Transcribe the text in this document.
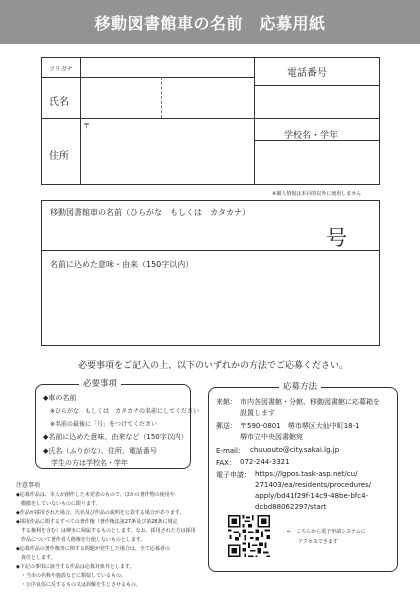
移動図書館車の名前　応募用紙
フリガナ
氏名
電話番号
〒
住所
学校名・学年
※個人情報は本目的以外に使用しません
移動図書館車の名前（ひらがな　もしくは　カタカナ）
号
名前に込めた意味・由来（150字以内）
必要事項をご記入の上、以下のいずれかの方法でご応募ください。
必要事項
◆車の名前
※ひらがな　もしくは　カタカナの名前にしてください
※名前の最後に「号」をつけてください
◆名前に込めた意味、由来など（150字以内）
◆氏名（ふりがな）、住所、電話番号
学生の方は学校名・学年
注意事項
◆応募作品は、本人が創作した未発表のもので、ほかの著作物の使用や
　模倣をしていないものに限ります。
◆作品が採用された場合、氏名及び作品の説明を公表する場合があります。
◆採用作品に関するすべての著作権（著作権法第27条及び第28条に規定
　する権利を含む）は堺市に帰属するものとします。なお、採用された方は採用
　作品について著作者人格権を行使しないものとします。
◆応募作品の著作権等に関する問題が発生した場合は、全て応募者の
　責任とします。
◆下記の事項に該当する作品は応募対象外とします。
　・当市の名称や施設などに類似しているもの。
　・公序良俗に反するもの又は誤解を生じさせるもの。
応募方法
来館： 市内各図書館・分館、移動図書館に応募箱を
設置します
郵送： 〒590-0801　堺市堺区大仙中町18-1
堺市立中央図書館宛
E-mail： chuuouto@city.sakai.lg.jp
FAX： 072-244-3321
電子申請： https://lgpos.task-asp.net/cu/
271403/ea/residents/procedures/
apply/bd41f29f-14c9-48be-bfc4-
dcbd88062297/start
←　こちらから電子申請システムに
アクセスできます
